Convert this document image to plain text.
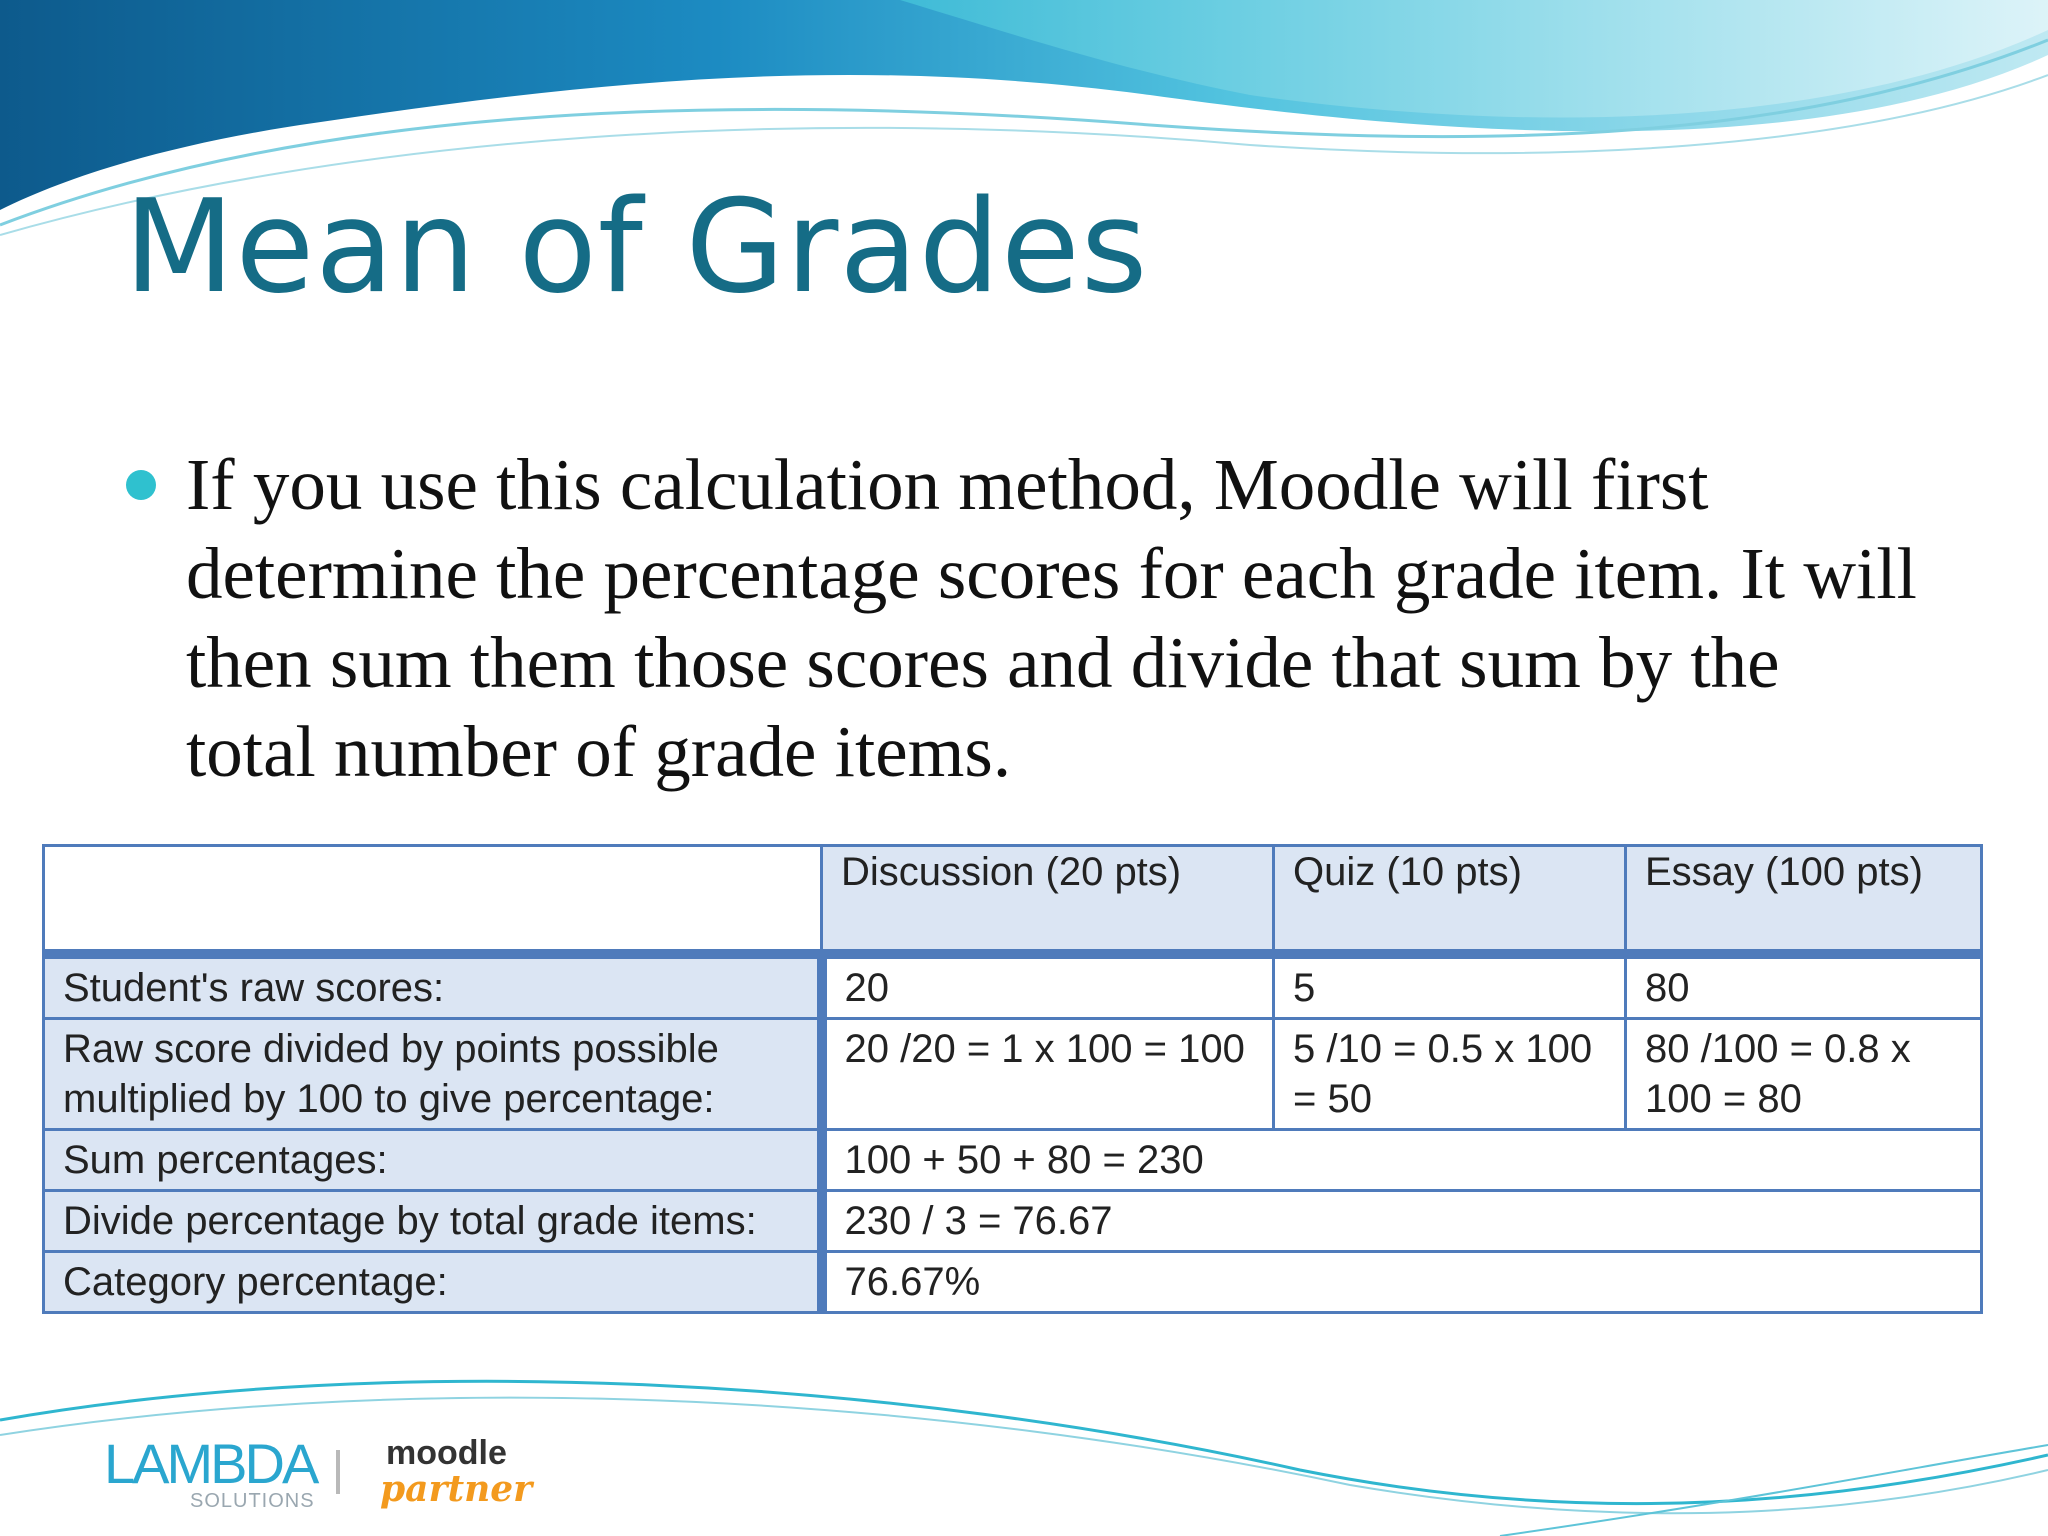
Mean of Grades

If you use this calculation method, Moodle will first determine the percentage scores for each grade item. It will then sum them those scores and divide that sum by the total number of grade items.

	Discussion (20 pts)	Quiz (10 pts)	Essay (100 pts)
Student's raw scores:	20	5	80
Raw score divided by points possible multiplied by 100 to give percentage:	20 /20 = 1 x 100 = 100	5 /10 = 0.5 x 100 = 50	80 /100 = 0.8 x 100 = 80
Sum percentages:	100 + 50 + 80 = 230		
Divide percentage by total grade items:	230 / 3 = 76.67		
Category percentage:	76.67%		
LAMBDA
SOLUTIONS
moodle
partner
